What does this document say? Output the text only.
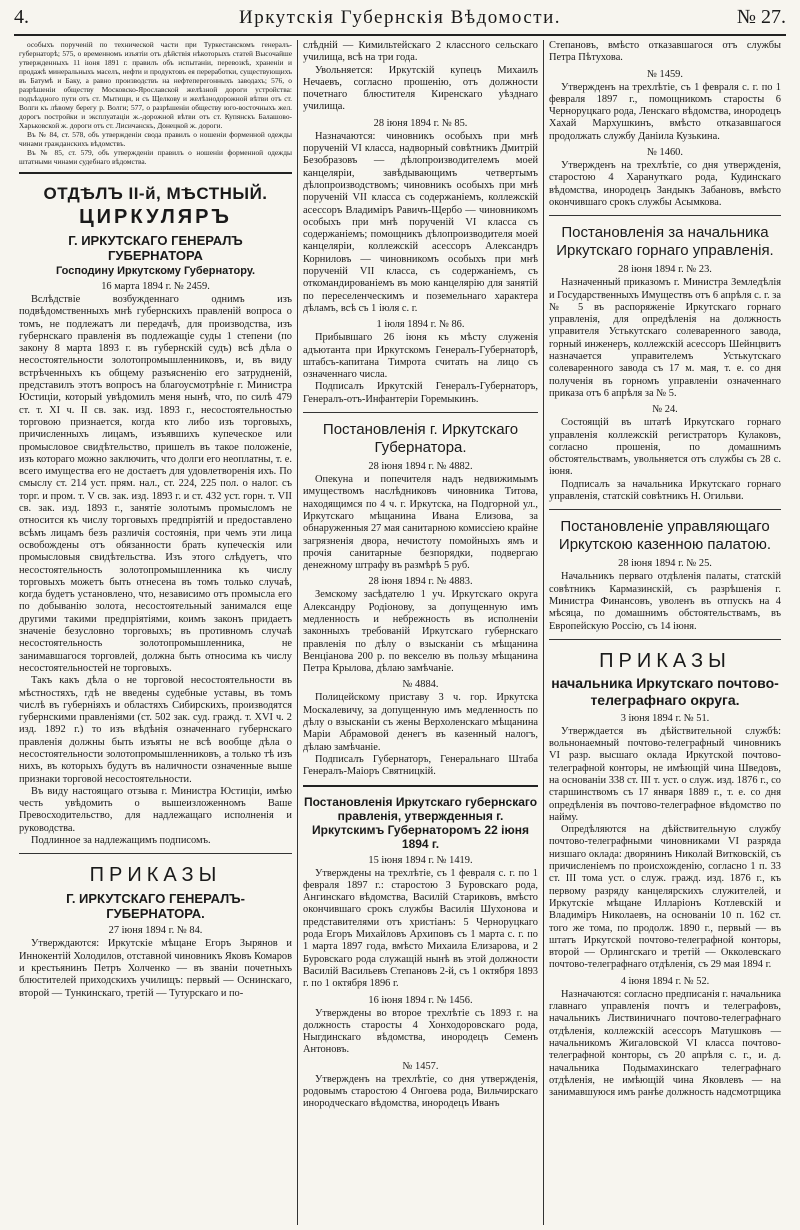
4.	Иркутскія Губернскія Вѣдомости.	№ 27.

особыхъ порученій по технической части при Туркестанскомъ генералъ-губернаторѣ; 575, о временномъ изъятіи отъ дѣйствія нѣкоторыхъ статей Высочайше утвержденныхъ 11 іюня 1891 г. правилъ объ испытаніи, перевозкѣ, храненіи и продажѣ минеральныхъ маселъ, нефти и продуктовъ ея переработки, существующихъ въ Батумѣ и Баку, а равно производствъ на нефтеперегонныхъ заводахъ; 576, о разрѣшеніи обществу Московско-Ярославской желѣзной дороги устройства: подъѣздного пути отъ ст. Мытищи, и съ Щелкову и желѣзнодорожной вѣтви отъ ст. Волги къ лѣвому берегу р. Волги; 577, о разрѣшеніи обществу юго-восточныхъ жел. дорогъ постройки и эксплуатаціи ж.-дорожной вѣтви отъ ст. Купянскъ Балашово-Харьковской ж. дороги отъ ст. Лисичанскъ, Донецкой ж. дороги.

Въ № 84, ст. 578, объ утвержденіи свода правилъ о ношеніи форменной одежды чинами гражданскихъ вѣдомствъ.

Въ № 85, ст. 579, объ утвержденіи правилъ о ношеніи форменной одежды штатными чинами судебнаго вѣдомства.

ОТДѢЛЪ II-й, МѢСТНЫЙ.
ЦИРКУЛЯРЪ
Г. ИРКУТСКАГО ГЕНЕРАЛЪ ГУБЕРНАТОРА
Господину Иркутскому Губернатору.
16 марта 1894 г. № 2459.

Вслѣдствіе возбужденнаго однимъ изъ подвѣдомственныхъ мнѣ губернскихъ правленій вопроса о томъ, не подлежатъ ли передачѣ, для производства, изъ губернскаго правленія въ подлежащіе суды 1 степени (по закону 8 марта 1893 г. въ губернскій судъ) всѣ дѣла о несостоятельности золотопромышленниковъ, и, въ виду встрѣченныхъ къ общему разъясненію его затрудненій, представилъ этотъ вопросъ на благоусмотрѣніе г. Министра Юстиціи, который увѣдомилъ меня нынѣ, что, по силѣ 479 ст. т. XI ч. II св. зак. изд. 1893 г., несостоятельностью торговою признается, когда кто либо изъ торговыхъ, причисленныхъ лицамъ, изъявшихъ купеческое или промысловое свидѣтельство, пришелъ въ такое положеніе, изъ котораго можно заключить, что долги его неоплатны, т. е. всего имущества его не достаетъ для удовлетворенія ихъ. По смыслу ст. 214 уст. прям. нал., ст. 224, 225 пол. о налог. съ торг. и пром. т. V св. зак. изд. 1893 г. и ст. 432 уст. горн. т. VII св. зак. изд. 1893 г., занятіе золотымъ промысломъ не относится къ числу торговыхъ предпріятій и предоставлено всѣмъ лицамъ безъ различія состоянія, при чемъ эти лица освобождены отъ обязанности брать купеческія или промысловыя свидѣтельства. Изъ этого слѣдуетъ, что несостоятельность золотопромышленника къ числу торговыхъ можетъ быть отнесена въ томъ только случаѣ, когда будетъ установлено, что, независимо отъ промысла его по добыванію золота, несостоятельный занимался еще другими такими предпріятіями, коимъ законъ придаетъ значеніе безусловно торговыхъ; въ противномъ случаѣ несостоятельность золотопромышленника, не занимавшагося торговлей, должна быть относима къ числу несостоятельностей не торговыхъ.

Такъ какъ дѣла о не торговой несостоятельности въ мѣстностяхъ, гдѣ не введены судебные уставы, въ томъ числѣ въ губерніяхъ и областяхъ Сибирскихъ, производятся губернскими правленіями (ст. 502 зак. суд. гражд. т. XVI ч. 2 изд. 1892 г.) то изъ вѣдѣнія означеннаго губернскаго правленія должны быть изъяты не всѣ вообще дѣла о несостоятельности золотопромышленниковъ, а только тѣ изъ нихъ, въ которыхъ будутъ въ наличности означенные выше признаки торговой несостоятельности.

Въ виду настоящаго отзыва г. Министра Юстиціи, имѣю честь увѣдомить о вышеизложенномъ Ваше Превосходительство, для надлежащаго исполненія и руководства.

Подлинное за надлежащимъ подписомъ.

ПРИКАЗЫ
Г. ИРКУТСКАГО ГЕНЕРАЛЪ-ГУБЕРНАТОРА.
27 іюня 1894 г. № 84.

Утверждаются: Иркутскіе мѣщане Егоръ Зырянов и Иннокентій Холодилов, отставной чиновникъ Яковъ Комаров и крестьянинъ Петръ Холченко — въ званіи почетныхъ блюстителей приходскихъ училищъ: первый — Оснинскаго, второй — Тункинскаго, третій — Тутурскаго и по-

слѣдній — Кимильтейскаго 2 классного сельскаго училища, всѣ на три года.

Увольняется: Иркутскій купецъ Михаилъ Нечаевъ, согласно прошенію, отъ должности почетнаго блюстителя Киренскаго уѣзднаго училища.

28 іюня 1894 г. № 85.

Назначаются: чиновникъ особыхъ при мнѣ порученій VI класса, надворный совѣтникъ Дмитрій Безобразовъ — дѣлопроизводителемъ моей канцеляріи, завѣдывающимъ четвертымъ дѣлопроизводствомъ; чиновникъ особыхъ при мнѣ порученій VII класса съ содержаніемъ, коллежскій асессоръ Владиміръ Равичъ-Щербо — чиновникомъ особыхъ при мнѣ порученій VI класса съ содержаніемъ; помощникъ дѣлопроизводителя моей канцеляріи, коллежскій асессоръ Александръ Корниловъ — чиновникомъ особыхъ при мнѣ порученій VII класса, съ содержаніемъ, съ откомандированіемъ въ мою канцелярію для занятій по переселенческимъ и поземельнаго характера дѣламъ, всѣ съ 1 іюля с. г.

1 іюля 1894 г. № 86.

Прибывшаго 26 іюня къ мѣсту служенія адъютанта при Иркутскомъ Генералъ-Губернаторѣ, штабсъ-капитана Тимрота считать на лицо съ означеннаго числа.

Подписалъ Иркутскій Генералъ-Губернаторъ, Генералъ-отъ-Инфантеріи Горемыкинъ.

Постановленія г. Иркутскаго Губернатора.
28 іюня 1894 г. № 4882.

Опекуна и попечителя надъ недвижимымъ имуществомъ наслѣдниковъ чиновника Титова, находящимся по 4 ч. г. Иркутска, на Подгорной ул., Иркутскаго мѣщанина Ивана Елизова, за обнаруженныя 27 мая санитарною комиссіею крайне загрязненія двора, нечистоту помойныхъ ямъ и прочія санитарные безпорядки, подвергаю денежному штрафу въ размѣрѣ 5 руб.

28 іюня 1894 г. № 4883.

Земскому засѣдателю 1 уч. Иркутскаго округа Александру Родіонову, за допущенную имъ медленность и небрежность въ исполненіи законныхъ требованій Иркутскаго губернскаго правленія по дѣлу о взысканіи съ мѣщанина Венціанова 200 р. по векселю въ пользу мѣщанина Петра Крылова, дѣлаю замѣчаніе.

№ 4884.

Полицейскому приставу 3 ч. гор. Иркутска Москалевичу, за допущенную имъ медленность по дѣлу о взысканіи съ жены Верхоленскаго мѣщанина Маріи Абрамовой денегъ въ казенный налогъ, дѣлаю замѣчаніе.

Подписалъ Губернаторъ, Генеральнаго Штаба Генералъ-Маіоръ Святницкій.

Постановленія Иркутскаго губернскаго правленія, утвержденныя г. Иркутскимъ Губернаторомъ 22 іюня 1894 г.
15 іюня 1894 г. № 1419.

Утверждены на трехлѣтіе, съ 1 февраля с. г. по 1 февраля 1897 г.: старостою 3 Буровскаго рода, Ангинскаго вѣдомства, Василій Стариковъ, вмѣсто окончившаго срокъ службы Василія Шухонова и представителями отъ христіанъ: 5 Черноруцкаго рода Егоръ Михайловъ Архиповъ съ 1 марта с. г. по 1 марта 1897 года, вмѣсто Михаила Елизарова, и 2 Буровскаго рода служащій нынѣ въ этой должности Василій Васильевъ Степановъ 2-й, съ 1 октября 1893 г. по 1 октября 1896 г.

16 іюня 1894 г. № 1456.

Утверждены во второе трехлѣтіе съ 1893 г. на должность старосты 4 Хонходоровскаго рода, Ныгдинскаго вѣдомства, инородецъ Семенъ Антоновъ.

№ 1457.

Утвержденъ на трехлѣтіе, со дня утвержденія, родовымъ старостою 4 Онгоева рода, Вильчирскаго инородческаго вѣдомства, инородецъ Иванъ

Степановъ, вмѣсто отказавшагося отъ службы Петра Пѣтухова.

№ 1459.

Утвержденъ на трехлѣтіе, съ 1 февраля с. г. по 1 февраля 1897 г., помощникомъ старосты 6 Черноруцкаго рода, Ленскаго вѣдомства, инородецъ Хахай Мархушкинъ, вмѣсто отказавшагося продолжать службу Даніила Кузькина.

№ 1460.

Утвержденъ на трехлѣтіе, со дня утвержденія, старостою 4 Харануткаго рода, Кудинскаго вѣдомства, инородецъ Зандыкъ Забановъ, вмѣсто окончившаго срокъ службы Асымкова.

Постановленія за начальника Иркутскаго горнаго управленія.
28 іюня 1894 г. № 23.

Назначенный приказомъ г. Министра Земледѣлія и Государственныхъ Имуществъ отъ 6 апрѣля с. г. за № 5 въ распоряженіе Иркутскаго горнаго управленія, для опредѣленія на должность управителя Устькутскаго солеваренного завода, горный инженеръ, коллежскій асессоръ Шейнцвитъ назначается управителемъ Устькутскаго солеваренного завода съ 17 м. мая, т. е. со дня полученія въ горномъ управленіи означеннаго приказа отъ 6 апрѣля за № 5.

№ 24.

Состоящій въ штатѣ Иркутскаго горнаго управленія коллежскій регистраторъ Кулаковъ, согласно прошенія, по домашнимъ обстоятельствамъ, увольняется отъ службы съ 28 с. іюня.

Подписалъ за начальника Иркутскаго горнаго управленія, статскій совѣтникъ Н. Огильви.

Постановленіе управляющаго Иркутскою казенною палатою.
28 іюня 1894 г. № 25.

Начальникъ перваго отдѣленія палаты, статскій совѣтникъ Кармазинскій, съ разрѣшенія г. Министра Финансовъ, уволенъ въ отпускъ на 4 мѣсяца, по домашнимъ обстоятельствамъ, въ Европейскую Россію, съ 14 іюня.

ПРИКАЗЫ
начальника Иркутскаго почтово-телеграфнаго округа.
3 іюня 1894 г. № 51.

Утверждается въ дѣйствительной службѣ: вольнонаемный почтово-телеграфный чиновникъ VI разр. высшаго оклада Иркутской почтово-телеграфной конторы, не имѣющій чина Шведовъ, на основаніи 338 ст. III т. уст. о служ. изд. 1876 г., со старшинствомъ съ 17 января 1889 г., т. е. со дня опредѣленія въ почтово-телеграфное вѣдомство по найму.

Опредѣляются на дѣйствительную службу почтово-телеграфными чиновниками VI разряда низшаго оклада: дворянинъ Николай Витковскій, съ причисленіемъ по происхожденію, согласно 1 п. 33 ст. III тома уст. о служ. гражд. изд. 1876 г., къ первому разряду канцелярскихъ служителей, и Иркутскіе мѣщане Илларіонъ Котлевскій и Владиміръ Николаевъ, на основаніи 10 п. 162 ст. того же тома, по продолж. 1890 г., первый — въ штатъ Иркутской почтово-телеграфной конторы, второй — Орлингскаго и третій — Окколевскаго почтово-телеграфнаго отдѣленія, съ 29 мая 1894 г.

4 іюня 1894 г. № 52.

Назначаются: согласно предписанія г. начальника главнаго управленія почтъ и телеграфовъ, начальникъ Листвиничнаго почтово-телеграфнаго отдѣленія, коллежскій асессоръ Матушковъ — начальникомъ Жигаловской VI класса почтово-телеграфной конторы, съ 20 апрѣля с. г., и. д. начальника Подымахинскаго телеграфнаго отдѣленія, не имѣющій чина Яковлевъ — на занимавшуюся имъ ранѣе должность надсмотрщика
